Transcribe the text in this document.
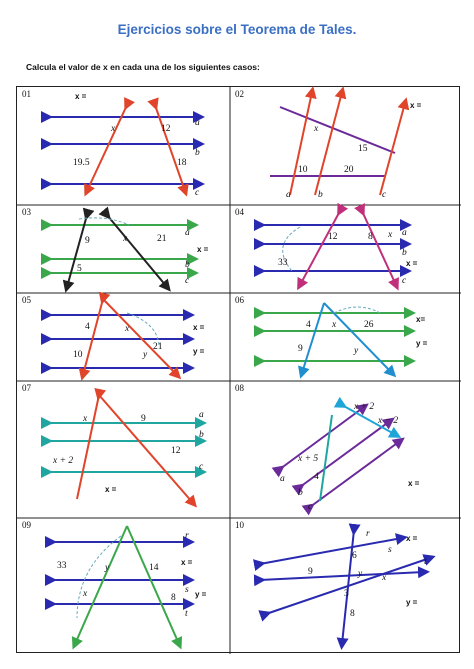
Ejercicios sobre el Teorema de Tales.
Calcula el valor de x en cada una de los siguientes casos:
01	x =
x	12
19.5	18
a
b
c
02
x =
x
15
10	20
a	b	c
03
x =
9	x	21
5
a
b
c
04
x =
12	8 x
33
a
b
c
05
x =
y =
4	x
10	y
21
06
x=
y =
4 x	26
9	y
07
x =
x	9	a
12
x + 2
b
c
08
x =
x + 2
x − 2
x + 5
a
b
c
4
09
x =
y =
33	y	14
r
s
x	8
t
10
x =
y =
r
s
6
9	y x
t
3
8
